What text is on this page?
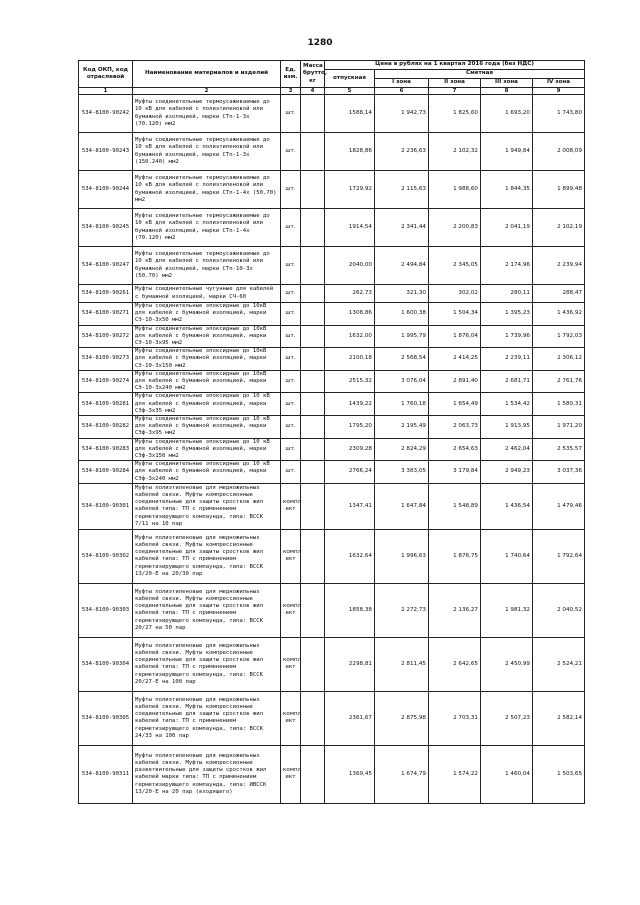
1280
Код ОКП, код отраслевой	Наименование материалов и изделий	Ед. изм.	Масса брутто, кг	Цена в рублях на 1 квартал 2016 года (без НДС)				
				отпускная	Сметная			
					I зона	II зона	III зона	IV зона
1	2	3	4	5	6	7	8	9
534-8100-90242	Муфты соединительные термоусаживаемые до 10 кВ для кабелей с полиэтиленовой или бумажной изоляцией, марки СТп-1-3х (70.120) мм2	шт.		1588,14	1 942,73	1 825,60	1 693,20	1 743,80
534-8100-90243	Муфты соединительные термоусаживаемые до 10 кВ для кабелей с полиэтиленовой или бумажной изоляцией, марки СТп-1-3х (150.240) мм2	шт.		1828,86	2 236,63	2 102,32	1 949,84	2 008,09
534-8100-90244	Муфты соединительные термоусаживаемые до 10 кВ для кабелей с полиэтиленовой или бумажной изоляцией, марки СТп-1-4х (50.70) мм2	шт.		1729,92	2 115,63	1 988,60	1 844,35	1 899,48
534-8100-90245	Муфты соединительные термоусаживаемые до 10 кВ для кабелей с полиэтиленовой или бумажной изоляцией, марки СТп-1-4х (70.120) мм2	шт.		1914,54	2 341,44	2 200,83	2 041,19	2 102,19
534-8100-90247	Муфты соединительные термоусаживаемые до 10 кВ для кабелей с полиэтиленовой или бумажной изоляцией, марки СТп-10-3х (50.70) мм2	шт.		2040,00	2 494,84	2 345,05	2 174,96	2 239,94
534-8100-90261	Муфты соединительные чугунные для кабелей с бумажной изоляцией, марки СЧ-60	шт.		262,73	321,30	302,02	280,11	288,47
534-8100-90271	Муфты соединительные эпоксидные до 10кВ для кабелей с бумажной изоляцией, марки СЭ-10-3х50 мм2	шт.		1308,86	1 600,38	1 504,34	1 395,23	1 436,92
534-8100-90272	Муфты соединительные эпоксидные до 10кВ для кабелей с бумажной изоляцией, марки СЭ-10-3х95 мм2	шт.		1632,00	1 995,79	1 876,04	1 739,96	1 792,03
534-8100-90273	Муфты соединительные эпоксидные до 10кВ для кабелей с бумажной изоляцией, марки СЭ-10-3х150 мм2	шт.		2100,18	2 568,54	2 414,25	2 239,11	2 306,12
534-8100-90274	Муфты соединительные эпоксидные до 10кВ для кабелей с бумажной изоляцией, марки СЭ-10-3х240 мм2	шт.		2515,32	3 076,04	2 891,40	2 681,71	2 761,76
534-8100-90281	Муфты соединительные эпоксидные до 10 кВ для кабелей с бумажной изоляцией, марки СЭф-3х35 мм2	шт.		1439,22	1 760,18	1 654,49	1 534,42	1 580,31
534-8100-90282	Муфты соединительные эпоксидные до 10 кВ для кабелей с бумажной изоляцией, марки СЭф-3х95 мм2	шт.		1795,20	2 195,49	2 063,73	1 913,95	1 971,20
534-8100-90283	Муфты соединительные эпоксидные до 10 кВ для кабелей с бумажной изоляцией, марки СЭф-3х150 мм2	шт.		2309,28	2 824,29	2 654,63	2 462,04	2 535,57
534-8100-90284	Муфты соединительные эпоксидные до 10 кВ для кабелей с бумажной изоляцией, марки СЭф-3х240 мм2	шт.		2766,24	3 383,05	3 179,84	2 949,23	3 037,36
534-8100-90301	Муфты полиэтиленовые для медножильных кабелей связи. Муфты компрессионные соединительные для защиты сростков жил кабелей типа: ТП с применением герметизирующего компаунда, типа: ВССК 7/11 на 10 пар	компл ект		1347,41	1 647,84	1 548,89	1 436,54	1 479,46
534-8100-90302	Муфты полиэтиленовые для медножильных кабелей связи. Муфты компрессионные соединительные для защиты сростков жил кабелей типа: ТП с применением герметизирующего компаунда, типа: ВССК 13/20-Е на 20/30 пар	компл ект		1632,64	1 996,63	1 876,75	1 740,64	1 792,64
534-8100-90303	Муфты полиэтиленовые для медножильных кабелей связи. Муфты компрессионные соединительные для защиты сростков жил кабелей типа: ТП с применением герметизирующего компаунда, типа: ВССК 20/27 на 50 пар	компл ект		1858,38	2 272,73	2 136,27	1 981,32	2 040,52
534-8100-90304	Муфты полиэтиленовые для медножильных кабелей связи. Муфты компрессионные соединительные для защиты сростков жил кабелей типа: ТП с применением герметизирующего компаунда, типа: ВССК 20/27-Е на 100 пар	компл ект		2298,81	2 811,45	2 642,65	2 450,99	2 524,21
534-8100-90305	Муфты полиэтиленовые для медножильных кабелей связи. Муфты компрессионные соединительные для защиты сростков жил кабелей типа: ТП с применением герметизирующего компаунда, типа: ВССК 24/33 на 100 пар	компл ект		2361,67	2 875,98	2 703,31	2 507,23	2 582,14
534-8100-90311	Муфты полиэтиленовые для медножильных кабелей связи. Муфты компрессионные разветвительные для защиты сростков жил кабелей марки типа: ТП с применением герметизирующего компаунда, типа: ИВССК 13/20-Е на 20 пар (входящего)	компл ект		1369,45	1 674,79	1 574,22	1 460,04	1 503,65
